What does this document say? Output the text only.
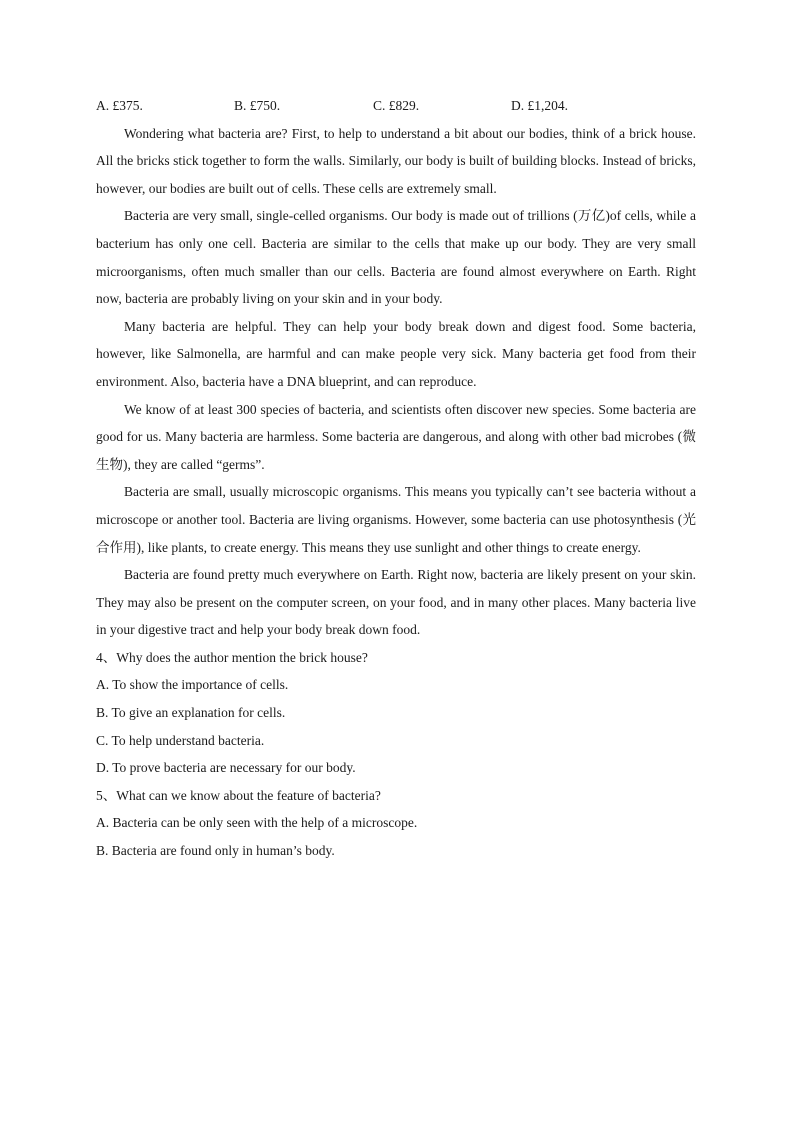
A. £375.	B. £750.	C. £829.	D. £1,204.

Wondering what bacteria are? First, to help to understand a bit about our bodies, think of a brick house. All the bricks stick together to form the walls. Similarly, our body is built of building blocks. Instead of bricks, however, our bodies are built out of cells. These cells are extremely small.

Bacteria are very small, single-celled organisms. Our body is made out of trillions (万亿)of cells, while a bacterium has only one cell. Bacteria are similar to the cells that make up our body. They are very small microorganisms, often much smaller than our cells. Bacteria are found almost everywhere on Earth. Right now, bacteria are probably living on your skin and in your body.

Many bacteria are helpful. They can help your body break down and digest food. Some bacteria, however, like Salmonella, are harmful and can make people very sick. Many bacteria get food from their environment. Also, bacteria have a DNA blueprint, and can reproduce.

We know of at least 300 species of bacteria, and scientists often discover new species. Some bacteria are good for us. Many bacteria are harmless. Some bacteria are dangerous, and along with other bad microbes (微生物), they are called “germs”.

Bacteria are small, usually microscopic organisms. This means you typically can’t see bacteria without a microscope or another tool. Bacteria are living organisms. However, some bacteria can use photosynthesis (光合作用), like plants, to create energy. This means they use sunlight and other things to create energy.

Bacteria are found pretty much everywhere on Earth. Right now, bacteria are likely present on your skin. They may also be present on the computer screen, on your food, and in many other places. Many bacteria live in your digestive tract and help your body break down food.

4、Why does the author mention the brick house?

A. To show the importance of cells.

B. To give an explanation for cells.

C. To help understand bacteria.

D. To prove bacteria are necessary for our body.

5、What can we know about the feature of bacteria?

A. Bacteria can be only seen with the help of a microscope.

B. Bacteria are found only in human’s body.
